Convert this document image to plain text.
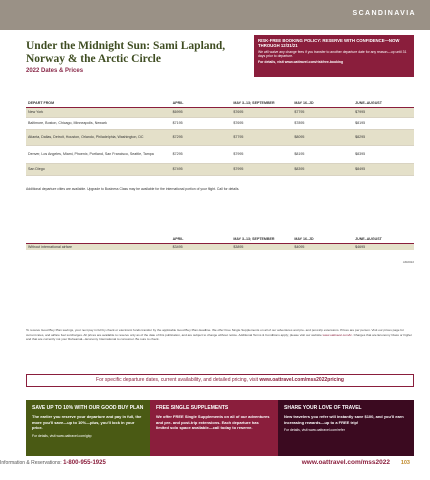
SCANDINAVIA
Under the Midnight Sun: Sami Lapland, Norway & the Arctic Circle
2022 Dates & Prices
RISK-FREE BOOKING POLICY: RESERVE WITH CONFIDENCE—NOW THROUGH 12/31/21
We will waive any change fees if you transfer to another departure date for any reason—up until 31 days prior to departure.
For details, visit www.oattravel.com/riskfree-booking
DEPART FROM	APRIL	MAY 3–13; SEPTEMBER	MAY 16–JD	JUNE–AUGUST
New York	$6995	$7695	$7795	$7995
Baltimore, Boston, Chicago, Minneapolis, Newark	$7195	$7695	$7895	$8195
Atlanta, Dallas, Detroit, Houston, Orlando, Philadelphia, Washington, DC	$7295	$7795	$8095	$8295
Denver, Los Angeles, Miami, Phoenix, Portland, San Francisco, Seattle, Tampa	$7295	$7995	$8195	$8395
San Diego	$7495	$7995	$8395	$8495
Additional departure cities are available. Upgrade to Business Class may be available for the international portion of your flight. Call for details.
	APRIL	MAY 3–13; SEPTEMBER	MAY 16–JD	JUNE–AUGUST
Without international airfare	$3495	$3895	$4095	$4695
AM2022
To receive Good Buy Plan savings, your next pay in full by check or electronic funds transfer by the applicable Good Buy Plan deadline. We offer Free Single Supplements on all of our adventures and pre- and post-trip extensions. Prices are per person. Visit our prices page for current rates, and airfare fuel surcharges. All prices are available to reserve only as of the date of this publication, and are subject to change without notice. Additional Terms & Conditions apply; please visit our website www.oattravel.com/tc. Charges that are Economy Class or higher and that are currently not your Rehearsal—Economy International to consumer. Be sure to check.
For specific departure dates, current availability, and detailed pricing, visit www.oattravel.com/mss2022pricing
SAVE UP TO 10% WITH OUR GOOD BUY PLAN
The earlier you reserve your departure and pay in full, the more you'll save—up to 10%—plus, you'll lock in your price.
For details, visit www.oattravel.com/gbp
FREE SINGLE SUPPLEMENTS
We offer FREE Single Supplements on all of our adventures and pre- and post-trip extensions. Each departure has limited solo space available—call today to reserve.
SHARE YOUR LOVE OF TRAVEL
New travelers you refer will instantly save $100, and you'll earn increasing rewards—up to a FREE trip!
For details, visit www.oattravel.com/refer
Information & Reservations: 1-800-955-1925	www.oattravel.com/mss2022 103
